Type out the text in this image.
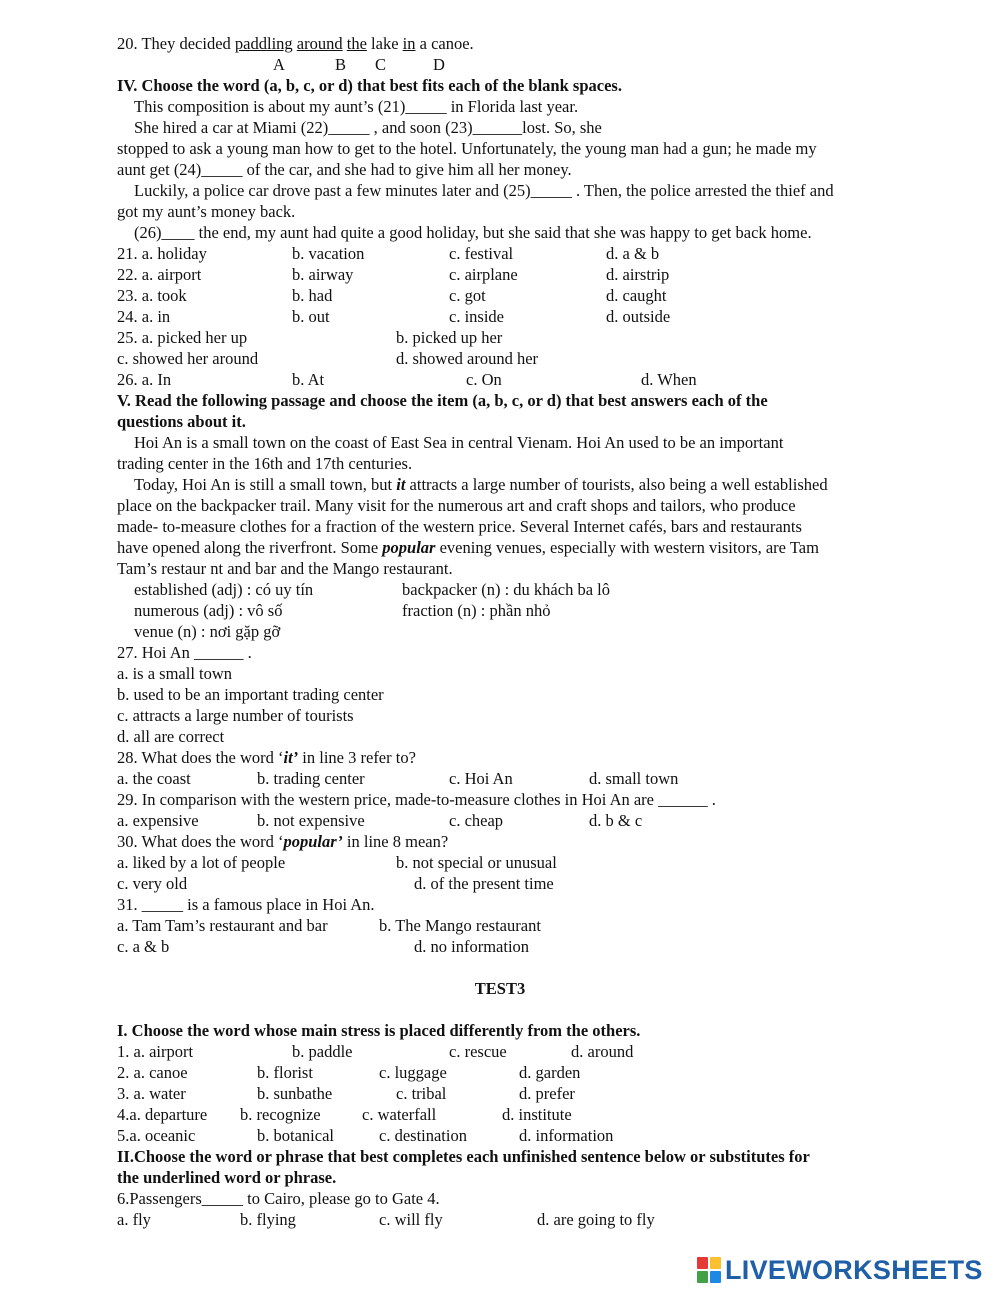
20. They decided paddling around the lake in a canoe.
A	B C	D
IV. Choose the word (a, b, c, or d) that best fits each of the blank spaces.
This composition is about my aunt’s (21)_____ in Florida last year.
She hired a car at Miami (22)_____ , and soon (23)______lost. So, she
stopped to ask a young man how to get to the hotel. Unfortunately, the young man had a gun; he made my
aunt get (24)_____ of the car, and she had to give him all her money.
Luckily, a police car drove past a few minutes later and (25)_____ . Then, the police arrested the thief and
got my aunt’s money back.
(26)____ the end, my aunt had quite a good holiday, but she said that she was happy to get back home.
21. a. holiday	b. vacation	c. festival	d. a & b
22. a. airport	b. airway	c. airplane	d. airstrip
23. a. took	b. had	c. got	d. caught
24. a. in	b. out	c. inside	d. outside
25. a. picked her up	b. picked up her
c. showed her around	d. showed around her
26. a. In	b. At	c. On	d. When
V. Read the following passage and choose the item (a, b, c, or d) that best answers each of the
questions about it.
Hoi An is a small town on the coast of East Sea in central Vienam. Hoi An used to be an important
trading center in the 16th and 17th centuries.
Today, Hoi An is still a small town, but it attracts a large number of tourists, also being a well established
place on the backpacker trail. Many visit for the numerous art and craft shops and tailors, who produce
made- to-measure clothes for a fraction of the western price. Several Internet cafés, bars and restaurants
have opened along the riverfront. Some popular evening venues, especially with western visitors, are Tam
Tam’s restaur nt and bar and the Mango restaurant.
established (adj) : có uy tín	backpacker (n) : du khách ba lô
numerous (adj) : vô số	fraction (n) : phần nhỏ
venue (n) : nơi gặp gỡ
27. Hoi An ______ .
a. is a small town
b. used to be an important trading center
c. attracts a large number of tourists
d. all are correct
28. What does the word ‘it’ in line 3 refer to?
a. the coast	b. trading center	c. Hoi An	d. small town
29. In comparison with the western price, made-to-measure clothes in Hoi An are ______ .
a. expensive	b. not expensive	c. cheap	d. b & c
30. What does the word ‘popular’ in line 8 mean?
a. liked by a lot of people	b. not special or unusual
c. very old	d. of the present time
31. _____ is a famous place in Hoi An.
a. Tam Tam’s restaurant and bar	b. The Mango restaurant
c. a & b	d. no information
TEST3
I. Choose the word whose main stress is placed differently from the others.
1. a. airport	b. paddle	c. rescue	d. around
2. a. canoe	b. florist	c. luggage	d. garden
3. a. water	b. sunbathe	c. tribal	d. prefer
4.a. departure b. recognize	c. waterfall	d. institute
5.a. oceanic	b. botanical	c. destination	d. information
II.Choose the word or phrase that best completes each unfinished sentence below or substitutes for
the underlined word or phrase.
6.Passengers_____ to Cairo, please go to Gate 4.
a. fly	b. flying	c. will fly	d. are going to fly
LIVEWORKSHEETS
